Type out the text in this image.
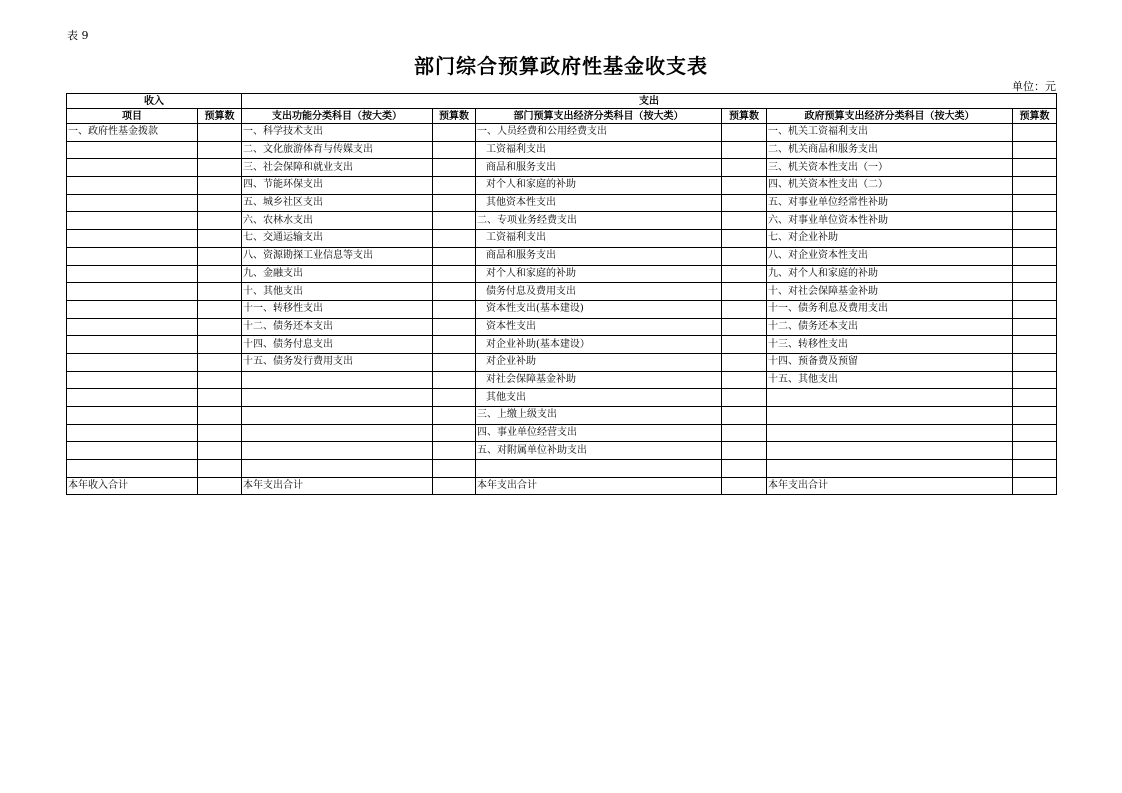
表 9
部门综合预算政府性基金收支表
单位：元
收入		支出					
项目	预算数	支出功能分类科目（按大类）	预算数	部门预算支出经济分类科目（按大类）	预算数	政府预算支出经济分类科目（按大类）	预算数
一、政府性基金拨款		一、科学技术支出		一、人员经费和公用经费支出		一、机关工资福利支出	
		二、文化旅游体育与传媒支出		工资福利支出		二、机关商品和服务支出	
		三、社会保障和就业支出		商品和服务支出		三、机关资本性支出（一）	
		四、节能环保支出		对个人和家庭的补助		四、机关资本性支出（二）	
		五、城乡社区支出		其他资本性支出		五、对事业单位经常性补助	
		六、农林水支出		二、专项业务经费支出		六、对事业单位资本性补助	
		七、交通运输支出		工资福利支出		七、对企业补助	
		八、资源勘探工业信息等支出		商品和服务支出		八、对企业资本性支出	
		九、金融支出		对个人和家庭的补助		九、对个人和家庭的补助	
		十、其他支出		债务付息及费用支出		十、对社会保障基金补助	
		十一、转移性支出		资本性支出(基本建设)		十一、债务利息及费用支出	
		十二、债务还本支出		资本性支出		十二、债务还本支出	
		十四、债务付息支出		对企业补助(基本建设）		十三、转移性支出	
		十五、债务发行费用支出		对企业补助		十四、预备费及预留	
				对社会保障基金补助		十五、其他支出	
				其他支出			
				三、上缴上级支出			
				四、事业单位经营支出			
				五、对附属单位补助支出			

本年收入合计		本年支出合计		本年支出合计		本年支出合计	
